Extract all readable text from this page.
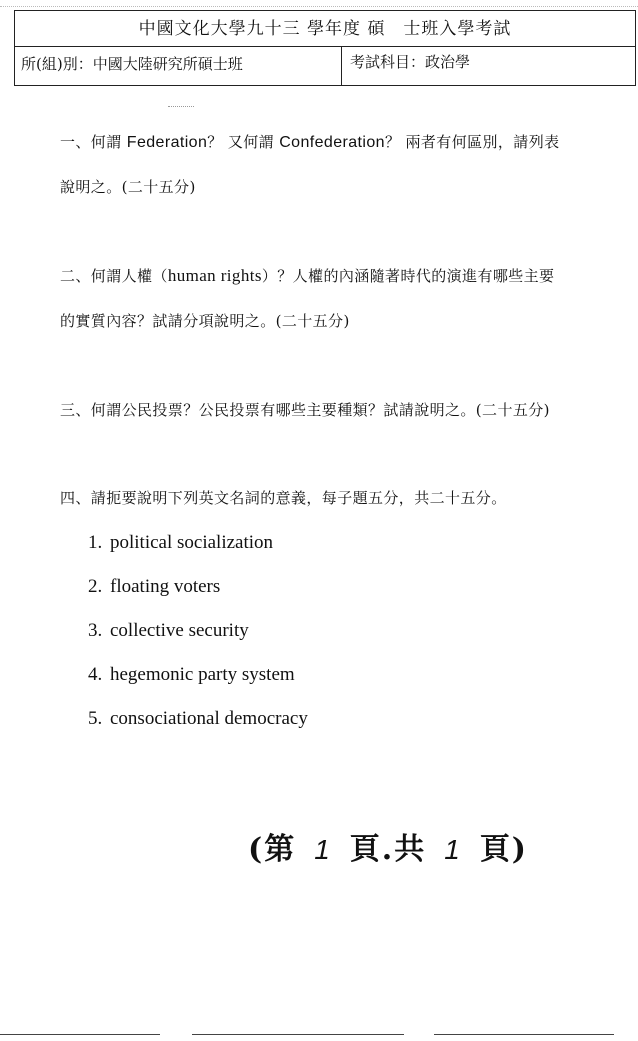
中國文化大學九十三 學年度 碩　士班入學考試
所(組)別：中國大陸研究所碩士班	考試科目：政治學
一、何謂 Federation？ 又何謂 Confederation？ 兩者有何區別，請列表
說明之。(二十五分)
二、何謂人權（human rights）？人權的內涵隨著時代的演進有哪些主要
的實質內容？試請分項說明之。(二十五分)
三、何謂公民投票？公民投票有哪些主要種類？試請說明之。(二十五分)
四、請扼要說明下列英文名詞的意義，每子題五分，共二十五分。
1. political socialization
2. floating voters
3. collective security
4. hegemonic party system
5. consociational democracy
(第 1 頁.共 1 頁)
